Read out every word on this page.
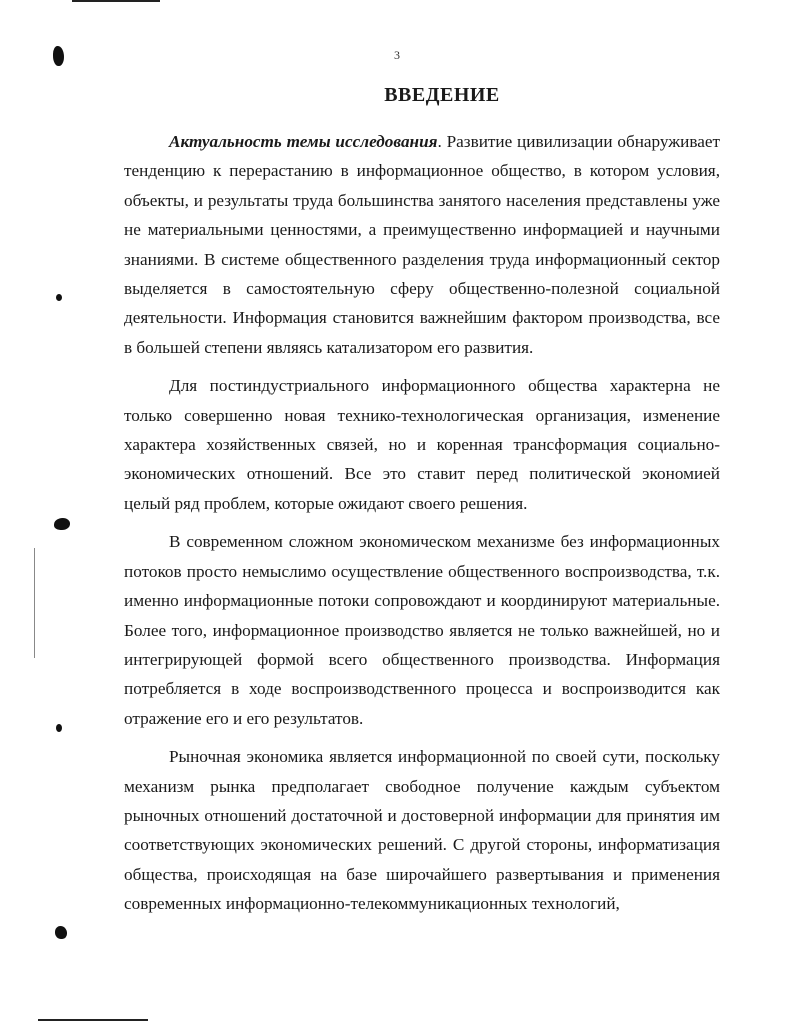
3
ВВЕДЕНИЕ

Актуальность темы исследования. Развитие цивилизации обнаруживает тенденцию к перерастанию в информационное общество, в котором условия, объекты, и результаты труда большинства занятого населения представлены уже не материальными ценностями, а преимущественно информацией и научными знаниями. В системе общественного разделения труда информационный сектор выделяется в самостоятельную сферу общественно-полезной социальной деятельности. Информация становится важнейшим фактором производства, все в большей степени являясь катализатором его развития.

Для постиндустриального информационного общества характерна не только совершенно новая технико-технологическая организация, изменение характера хозяйственных связей, но и коренная трансформация социально-экономических отношений. Все это ставит перед политической экономией целый ряд проблем, которые ожидают своего решения.

В современном сложном экономическом механизме без информационных потоков просто немыслимо осуществление общественного воспроизводства, т.к. именно информационные потоки сопровождают и координируют материальные. Более того, информационное производство является не только важнейшей, но и интегрирующей формой всего общественного производства. Информация потребляется в ходе воспроизводственного процесса и воспроизводится как отражение его и его результатов.

Рыночная экономика является информационной по своей сути, поскольку механизм рынка предполагает свободное получение каждым субъектом рыночных отношений достаточной и достоверной информации для принятия им соответствующих экономических решений. С другой стороны, информатизация общества, происходящая на базе широчайшего развертывания и применения современных информационно-телекоммуникационных технологий,
